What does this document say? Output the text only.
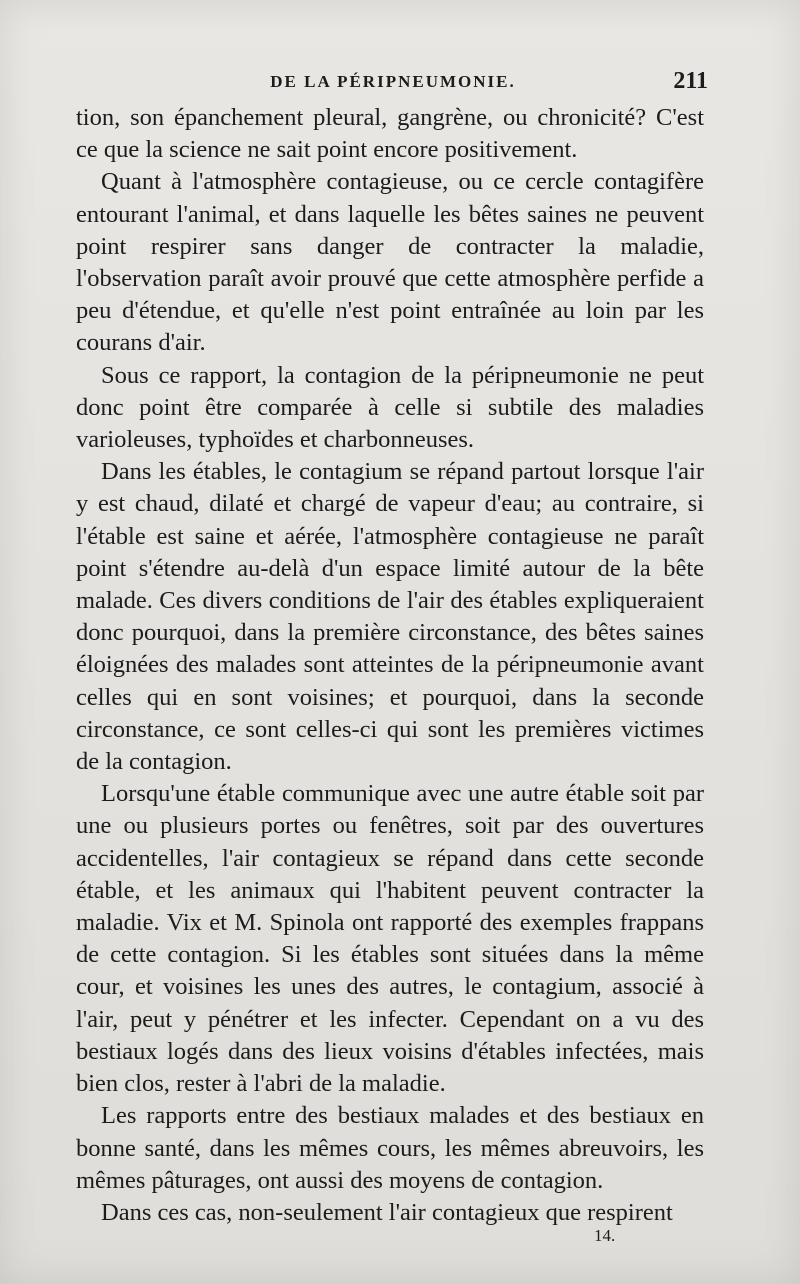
DE LA PÉRIPNEUMONIE.	211

tion, son épanchement pleural, gangrène, ou chronicité? C'est ce que la science ne sait point encore positivement.

Quant à l'atmosphère contagieuse, ou ce cercle contagifère entourant l'animal, et dans laquelle les bêtes saines ne peuvent point respirer sans danger de contracter la maladie, l'observation paraît avoir prouvé que cette atmosphère perfide a peu d'étendue, et qu'elle n'est point entraînée au loin par les courans d'air.

Sous ce rapport, la contagion de la péripneumonie ne peut donc point être comparée à celle si subtile des maladies varioleuses, typhoïdes et charbonneuses.

Dans les étables, le contagium se répand partout lorsque l'air y est chaud, dilaté et chargé de vapeur d'eau; au contraire, si l'étable est saine et aérée, l'atmosphère contagieuse ne paraît point s'étendre au-delà d'un espace limité autour de la bête malade. Ces divers conditions de l'air des étables expliqueraient donc pourquoi, dans la première circonstance, des bêtes saines éloignées des malades sont atteintes de la péripneumonie avant celles qui en sont voisines; et pourquoi, dans la seconde circonstance, ce sont celles-ci qui sont les premières victimes de la contagion.

Lorsqu'une étable communique avec une autre étable soit par une ou plusieurs portes ou fenêtres, soit par des ouvertures accidentelles, l'air contagieux se répand dans cette seconde étable, et les animaux qui l'habitent peuvent contracter la maladie. Vix et M. Spinola ont rapporté des exemples frappans de cette contagion. Si les étables sont situées dans la même cour, et voisines les unes des autres, le contagium, associé à l'air, peut y pénétrer et les infecter. Cependant on a vu des bestiaux logés dans des lieux voisins d'étables infectées, mais bien clos, rester à l'abri de la maladie.

Les rapports entre des bestiaux malades et des bestiaux en bonne santé, dans les mêmes cours, les mêmes abreuvoirs, les mêmes pâturages, ont aussi des moyens de contagion.

Dans ces cas, non-seulement l'air contagieux que respirent

14.
